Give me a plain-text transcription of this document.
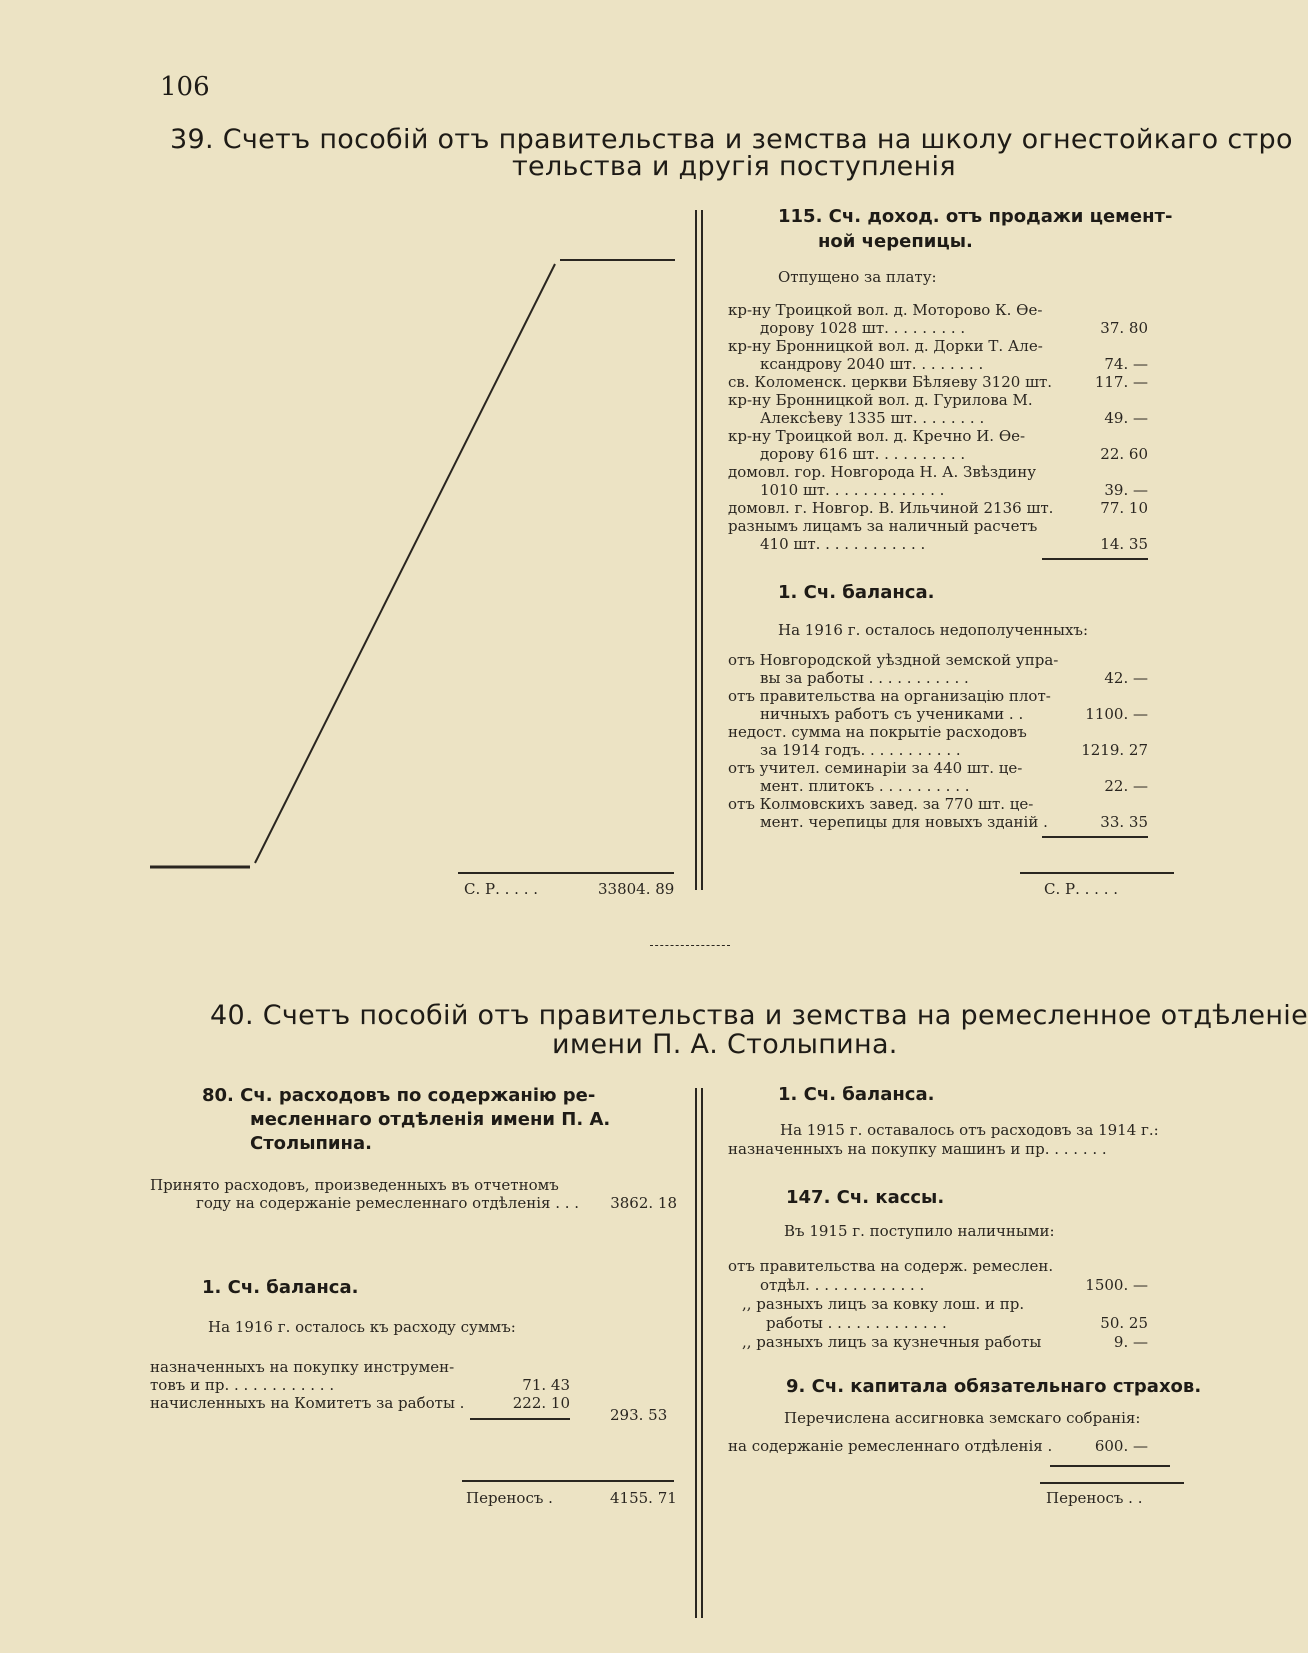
106
39. Счетъ пособій отъ правительства и земства на школу огнестойкаго стро
тельства и другія поступленія
С. Р. . . . .	33804. 89
115. Сч. доход. отъ продажи цемент-
ной черепицы.
Отпущено за плату:
кр-ну Троицкой вол. д. Моторово К. Ѳе-
дорову 1028 шт. . . . . . . . .	37. 80
кр-ну Бронницкой вол. д. Дорки Т. Але-
ксандрову 2040 шт. . . . . . . .	74. —
св. Коломенск. церкви Бѣляеву 3120 шт.	117. —
кр-ну Бронницкой вол. д. Гурилова М.
Алексѣеву 1335 шт. . . . . . . .	49. —
кр-ну Троицкой вол. д. Кречно И. Ѳе-
дорову 616 шт. . . . . . . . . .	22. 60
домовл. гор. Новгорода Н. А. Звѣздину
1010 шт. . . . . . . . . . . . .	39. —
домовл. г. Новгор. В. Ильчиной 2136 шт.	77. 10
разнымъ лицамъ за наличный расчетъ
410 шт. . . . . . . . . . . .	14. 35
1. Сч. баланса.
На 1916 г. осталось недополученныхъ:
отъ Новгородской уѣздной земской упра-
вы за работы . . . . . . . . . . .	42. —
отъ правительства на организацію плот-
ничныхъ работъ съ учениками . .	1100. —
недост. сумма на покрытіе расходовъ
за 1914 годъ. . . . . . . . . . .	1219. 27
отъ учител. семинаріи за 440 шт. це-
мент. плитокъ . . . . . . . . . .	22. —
отъ Колмовскихъ завед. за 770 шт. це-
мент. черепицы для новыхъ зданій .	33. 35
С. Р. . . . .
40. Счетъ пособій отъ правительства и земства на ремесленное отдѣленіе
имени П. А. Столыпина.
80. Сч. расходовъ по содержанію ре-
месленнаго отдѣленія имени П. А.
Столыпина.
Принято расходовъ, произведенныхъ въ отчетномъ
году на содержаніе ремесленнаго отдѣленія . . . 3862. 18
1. Сч. баланса.
На 1916 г. осталось къ расходу суммъ:
назначенныхъ на покупку инструмен-
товъ и пр. . . . . . . . . . . .	71. 43
начисленныхъ на Комитетъ за работы .	222. 10
293. 53
Переносъ .	4155. 71
1. Сч. баланса.
На 1915 г. оставалось отъ расходовъ за 1914 г.:
назначенныхъ на покупку машинъ и пр. . . . . . .
147. Сч. кассы.
Въ 1915 г. поступило наличными:
отъ правительства на содерж. ремеслен.
отдѣл. . . . . . . . . . . . .	1500. —
,, разныхъ лицъ за ковку лош. и пр.
работы . . . . . . . . . . . . .	50. 25
,, разныхъ лицъ за кузнечныя работы	9. —
9. Сч. капитала обязательнаго страхов.
Перечислена ассигновка земскаго собранія:
на содержаніе ремесленнаго отдѣленія .	600. —
Переносъ . .
